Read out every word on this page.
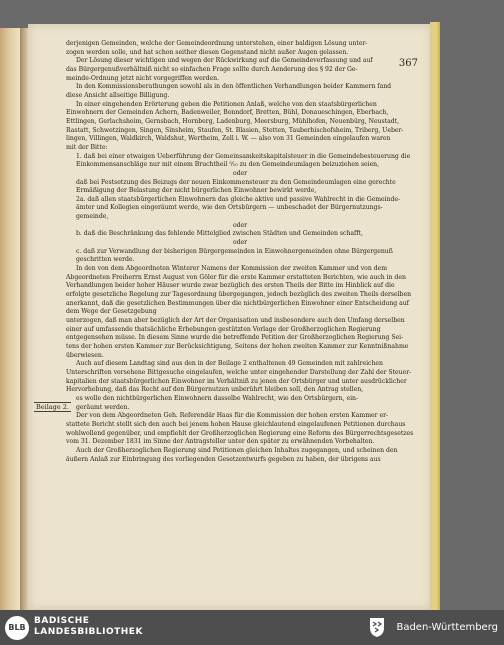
367

derjenigen Gemeinden, welche der Gemeindeordnung unterstehen, einer baldigen Lösung unter-

zogen werden solle, und hat schon seither diesen Gegenstand nicht außer Augen gelassen.

Der Lösung dieser wichtigen und wegen der Rückwirkung auf die Gemeindeverfassung und auf

das Bürgergenußverhältniß nicht so einfachen Frage sollte durch Aenderung des § 92 der Ge-

meinde-Ordnung jetzt nicht vorgegriffen werden.

In den Kommissionsberathungen sowohl als in den öffentlichen Verhandlungen beider Kammern fand

diese Ansicht allseitige Billigung.

In einer eingehenden Erörterung geben die Petitionen Anlaß, welche von den staatsbürgerlichen

Einwohnern der Gemeinden Achern, Badenweiler, Bonndorf, Bretten, Bühl, Donaueschingen, Eberbach,

Ettlingen, Gerlachsheim, Gernsbach, Hornberg, Ladenburg, Meersburg, Mühlhofen, Neuenbürg, Neustadt,

Rastatt, Schwetzingen, Singen, Sinsheim, Staufen, St. Blasien, Stetten, Tauberbischofsheim, Triberg, Ueber-

lingen, Villingen, Waldkirch, Waldshut, Wertheim, Zell i. W. — also von 31 Gemeinden eingelaufen waren

mit der Bitte:

1. daß bei einer etwaigen Ueberführung der Gemeinsamkeitskapitalsteuer in die Gemeindebesteuerung die

Einkommensanschläge nur mit einem Bruchtheil ⁵⁄₁₀ zu den Gemeindeumlagen beizuziehen seien,

oder

daß bei Festsetzung des Beizugs der neuen Einkommensteuer zu den Gemeindeumlagen eine gerechte

Ermäßigung der Belastung der nicht bürgerlichen Einwohner bewirkt werde,

2a. daß allen staatsbürgerlichen Einwohnern das gleiche aktive und passive Wahlrecht in die Gemeinde-

ämter und Kollegien eingeräumt werde, wie den Ortsbürgern — unbeschadet der Bürgernutzungs-

gemeinde,

oder

b. daß die Beschränkung das fehlende Mittelglied zwischen Städten und Gemeinden schafft,

oder

c. daß zur Verwandlung der bisherigen Bürgergemeinden in Einwohnergemeinden ohne Bürgergenuß

geschritten werde.

In den von dem Abgeordneten Winterer Namens der Kommission der zweiten Kammer und von dem

Abgeordneten Freiherrn Ernst August von Göler für die erste Kammer erstatteten Berichten, wie auch in den

Verhandlungen beider hoher Häuser wurde zwar bezüglich des ersten Theils der Bitte im Hinblick auf die

erfolgte gesetzliche Regelung zur Tagesordnung übergegangen, jedoch bezüglich des zweiten Theils derselben

anerkannt, daß die gesetzlichen Bestimmungen über die nichtbürgerlichen Einwohner einer Entscheidung auf dem Wege der Gesetzgebung

unterzogen, daß man aber bezüglich der Art der Organisation und insbesondere auch den Umfang derselben

einer auf umfassende thatsächliche Erhebungen gestützten Vorlage der Großherzoglichen Regierung

entgegensehen müsse. In diesem Sinne wurde die betreffende Petition der Großherzoglichen Regierung Sei-

tens der hohen ersten Kammer zur Berücksichtigung, Seitens der hohen zweiten Kammer zur Kenntnißnahme

überwiesen.

Auch auf diesem Landtag sind aus den in der Beilage 2 enthaltenen 49 Gemeinden mit zahlreichen

Unterschriften versehene Bittgesuche eingelaufen, welche unter eingehender Darstellung der Zahl der Steuer-

kapitalien der staatsbürgerlichen Einwohner im Verhältniß zu jenen der Ortsbürger und unter ausdrücklicher

Hervorhebung, daß das Recht auf den Bürgernutzen unberührt bleiben soll, den Antrag stellen,

es wolle den nichtbürgerlichen Einwohnern dasselbe Wahlrecht, wie den Ortsbürgern, ein-

geräumt werden.

Der von dem Abgeordneten Geh. Referendär Haas für die Kommission der hohen ersten Kammer er-

stattete Bericht stellt sich den auch bei jenem hohen Hause gleichlautend eingelaufenen Petitionen durchaus

wohlwollend gegenüber, und empfiehlt der Großherzoglichen Regierung eine Reform des Bürgerrechtsgesetzes

vom 31. Dezember 1831 im Sinne der Antragsteller unter den später zu erwähnenden Vorbehalten.

Auch der Großherzoglichen Regierung sind Petitionen gleichen Inhaltes zugegangen, und scheinen den

äußern Anlaß zur Einbringung des vorliegenden Gesetzentwurfs gegeben zu haben, der übrigens aus

Beilage 2.
BLB
BADISCHE
LANDESBIBLIOTHEK	Baden-Württemberg
